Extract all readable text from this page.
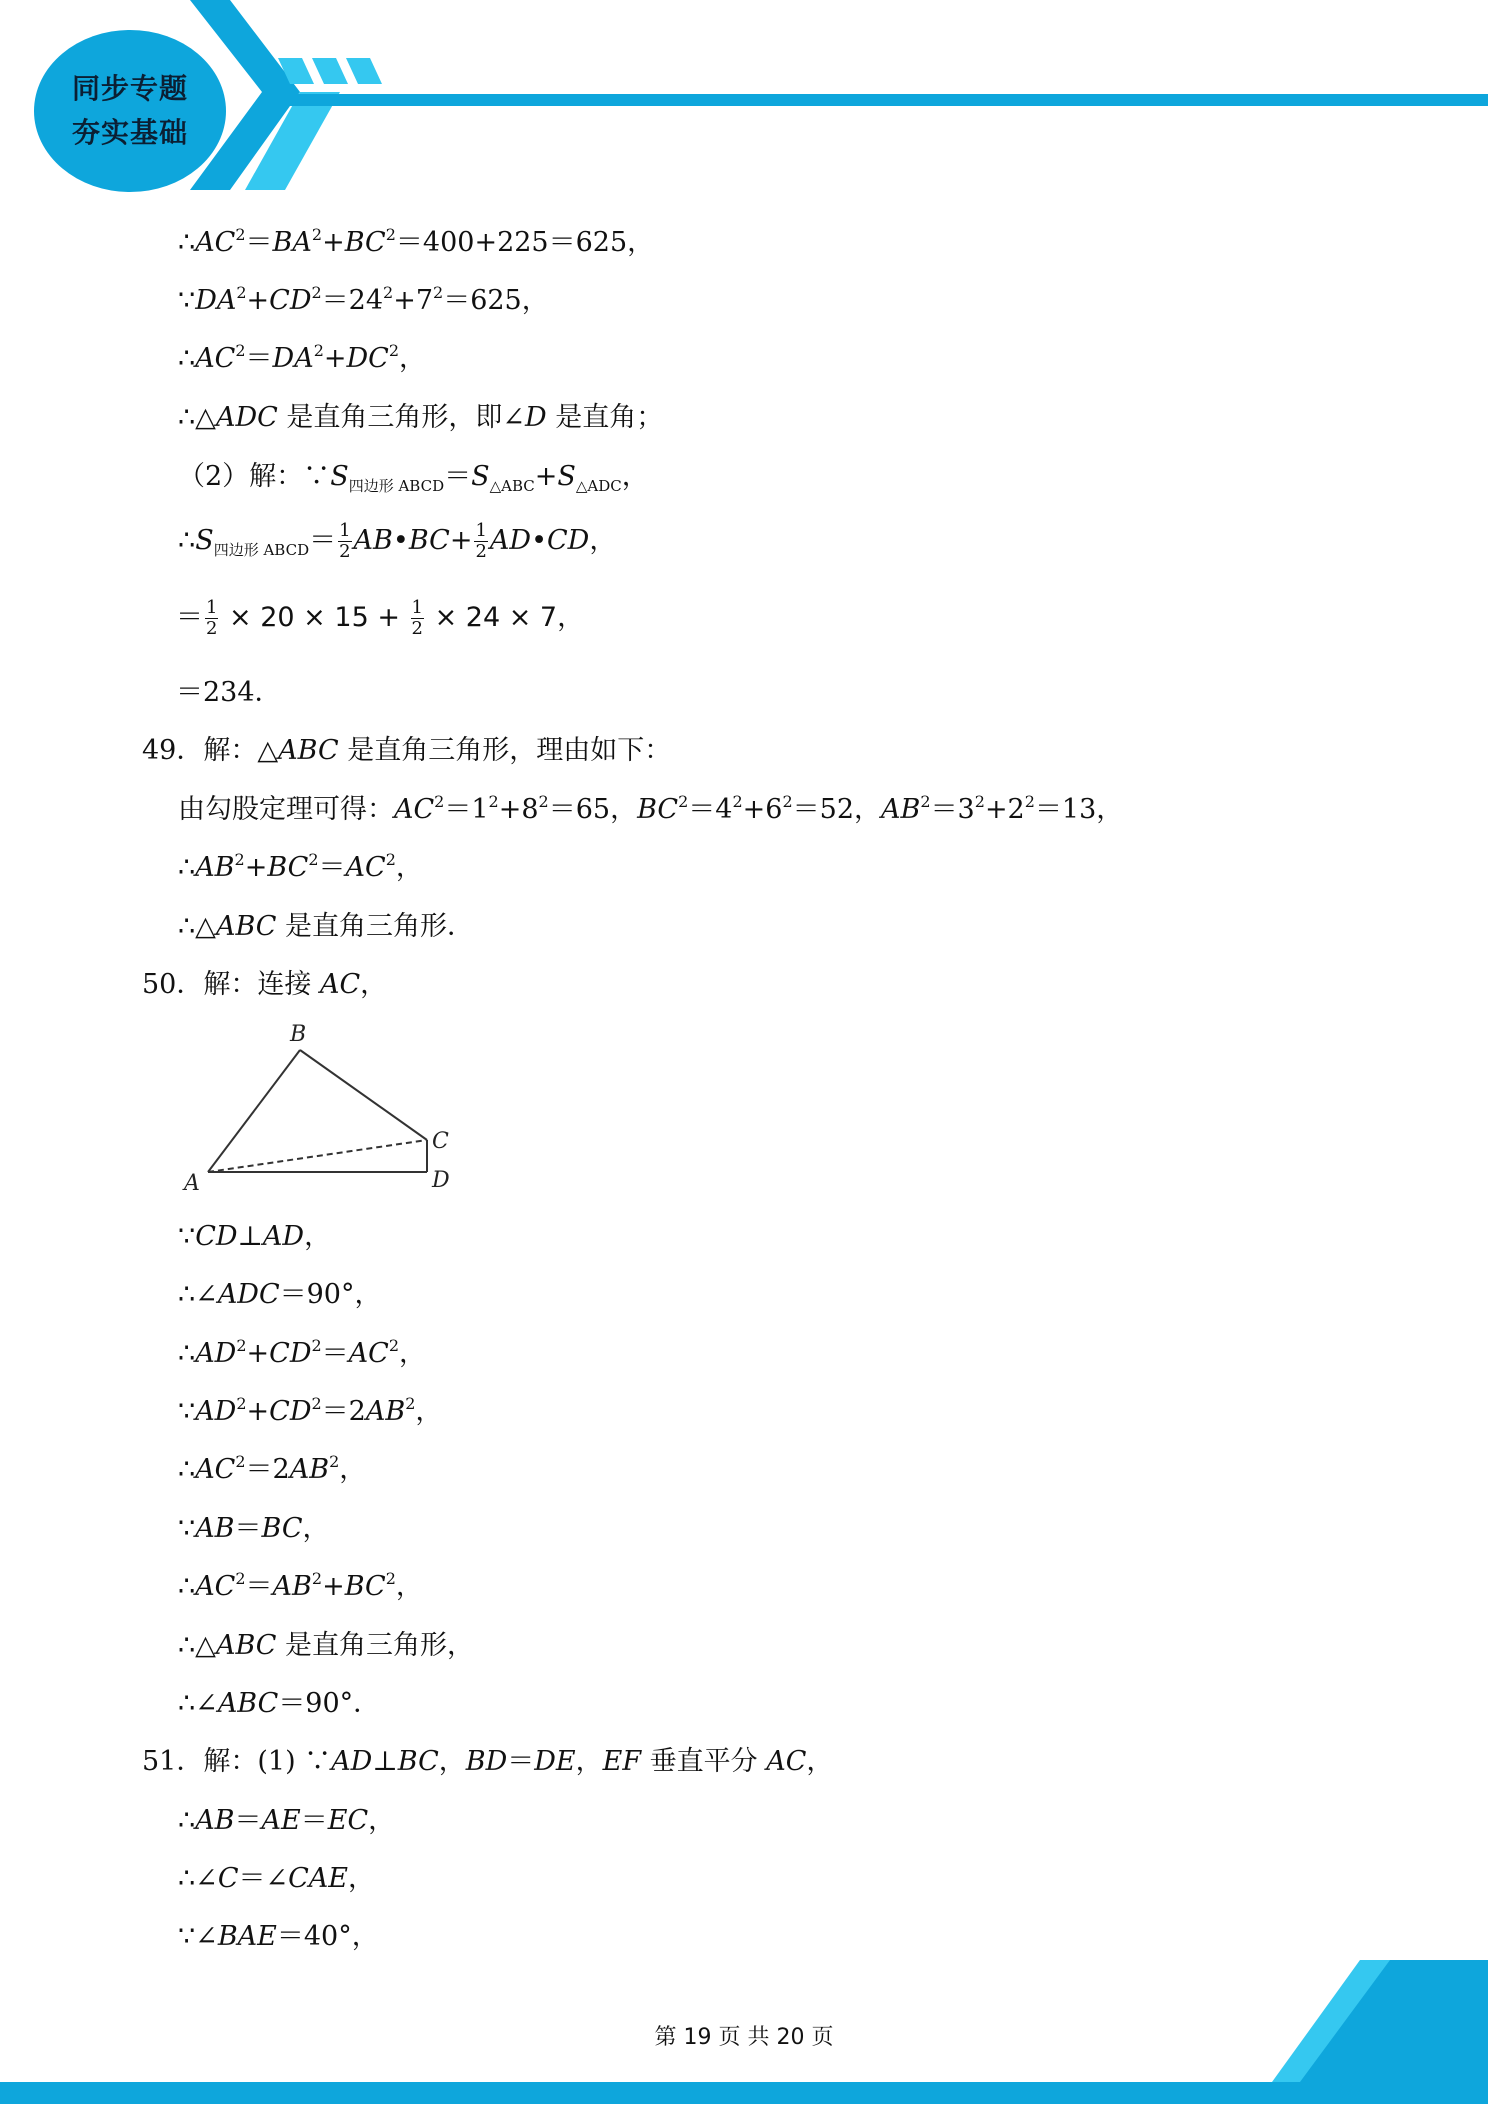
同步专题
夯实基础
$\therefore AC^2=BA^2+BC^2=400+225=625$，
$\because DA^2+CD^2=24^2+7^2=625$，
$\therefore AC^2=DA^2+DC^2$，
∴△ADC 是直角三角形，即∠D 是直角；
（2）解：$\because S_{四边形 ABCD}=S_{\triangle ABC}+S_{\triangle ADC}$，
$\therefore S_{四边形 ABCD}= \frac{1}{2}$ AB•BC+ $\frac{1}{2}$ AD•CD，
＝ $\frac{1}{2} \times 20 \times 15 + \frac{1}{2} \times 24 \times 7$，
＝234．
49．解：△ABC 是直角三角形，理由如下：
由勾股定理可得：$AC^2=1^2+8^2=65$，$BC^2=4^2+6^2=52$，$AB^2=3^2+2^2=13$，
$\therefore AB^2+BC^2=AC^2$，
∴△ABC 是直角三角形．
50．解：连接 AC，
∵CD⊥AD，
∴∠ADC＝90°，
$\therefore AD^2+CD^2=AC^2$，
$\because AD^2+CD^2=2AB^2$，
$\therefore AC^2=2AB^2$，
∵AB＝BC，
$\therefore AC^2=AB^2+BC^2$，
∴△ABC 是直角三角形，
∴∠ABC＝90°．
51．解：(1) ∵AD⊥BC，BD＝DE，EF 垂直平分 AC，
∴AB＝AE＝EC，
∴∠C＝∠CAE，
∵∠BAE＝40°，
A
B
C
D
第 19 页 共 20 页
